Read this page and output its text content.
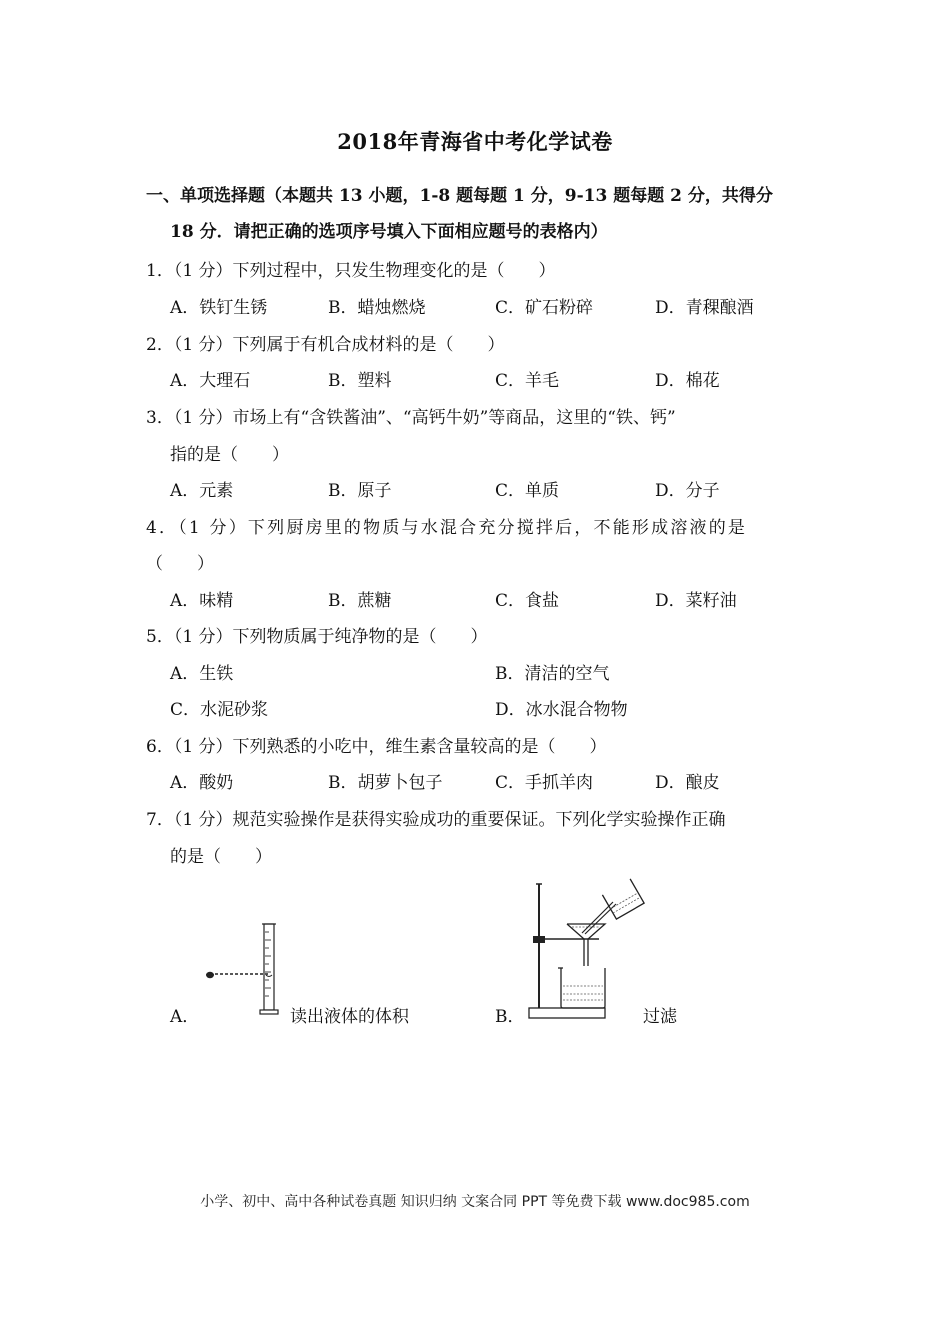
2018年青海省中考化学试卷
一、单项选择题（本题共 13 小题，1-8 题每题 1 分，9-13 题每题 2 分，共得分
18 分．请把正确的选项序号填入下面相应题号的表格内）
1．（1 分）下列过程中，只发生物理变化的是（　　）
A．铁钉生锈	B．蜡烛燃烧	C．矿石粉碎	D．青稞酿酒
2．（1 分）下列属于有机合成材料的是（　　）
A．大理石	B．塑料	C．羊毛	D．棉花
3．（1 分）市场上有“含铁酱油”、“高钙牛奶”等商品，这里的“铁、钙”
指的是（　　）
A．元素	B．原子	C．单质	D．分子
4．（1 分）下列厨房里的物质与水混合充分搅拌后，不能形成溶液的是
（　　）
A．味精	B．蔗糖	C．食盐	D．菜籽油
5．（1 分）下列物质属于纯净物的是（　　）
A．生铁	B．清洁的空气
C．水泥砂浆	D．冰水混合物物
6．（1 分）下列熟悉的小吃中，维生素含量较高的是（　　）
A．酸奶	B．胡萝卜包子	C．手抓羊肉	D．酿皮
7．（1 分）规范实验操作是获得实验成功的重要保证。下列化学实验操作正确
的是（　　）
A．	读出液体的体积	B．	过滤
小学、初中、高中各种试卷真题 知识归纳 文案合同 PPT 等免费下载 www.doc985.com
